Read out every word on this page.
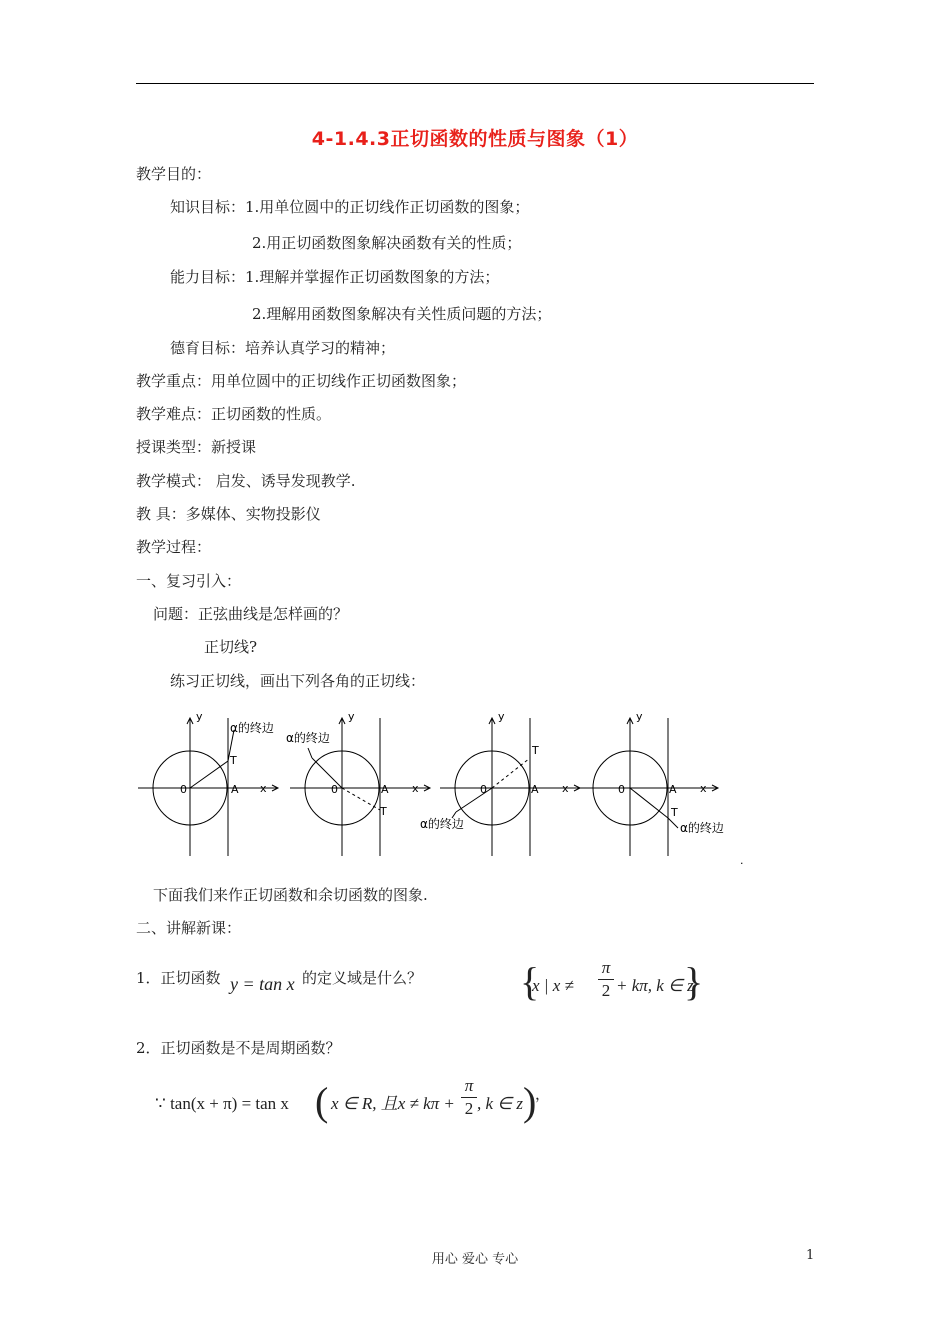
4-1.4.3正切函数的性质与图象（1）
教学目的：
知识目标：1.用单位圆中的正切线作正切函数的图象；
2.用正切函数图象解决函数有关的性质；
能力目标：1.理解并掌握作正切函数图象的方法；
2.理解用函数图象解决有关性质问题的方法；
德育目标：培养认真学习的精神；
教学重点：用单位圆中的正切线作正切函数图象；
教学难点：正切函数的性质。
授课类型：新授课
教学模式： 启发、诱导发现教学.
教 具：多媒体、实物投影仪
教学过程：
一、复习引入：
问题：正弦曲线是怎样画的？
正切线?
练习正切线，画出下列各角的正切线：
y
x
0	A
T
α的终边
y
x
0	A
T
α的终边
y
x
0	A
T
α的终边
y
x
0	A
T
α的终边
.
下面我们来作正切函数和余切函数的图象.
二、讲解新课：
1．正切函数 y = tan x 的定义域是什么？ {
x | x ≠
π
2 + kπ, k ∈ z
}
2．正切函数是不是周期函数？
∵ tan(x + π) = tan x ( x ∈ R, 且x ≠ kπ +
π
2 , k ∈ z )
，
用心 爱心 专心	1
